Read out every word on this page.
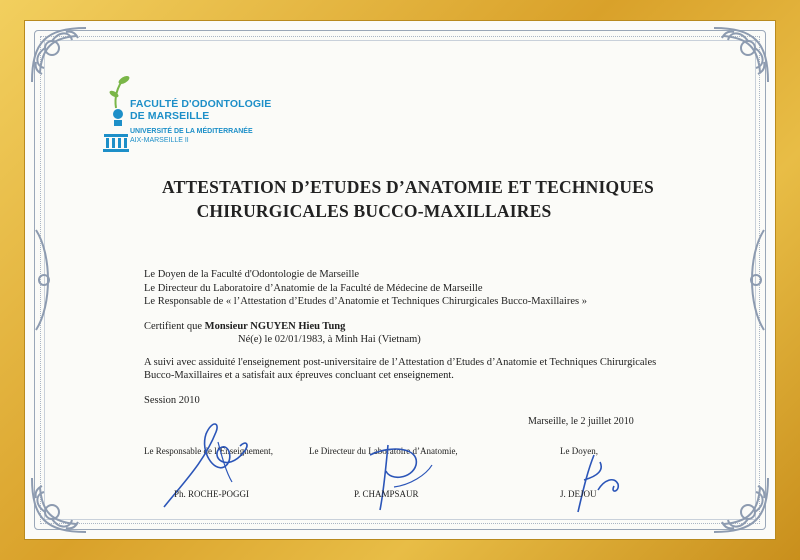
FACULTÉ D'ODONTOLOGIE
DE MARSEILLE
UNIVERSITÉ DE LA MÉDITERRANÉE
AIX-MARSEILLE II
ATTESTATION D’ETUDES D’ANATOMIE ET TECHNIQUES
CHIRURGICALES BUCCO-MAXILLAIRES
Le Doyen de la Faculté d'Odontologie de Marseille
Le Directeur du Laboratoire d’Anatomie de la Faculté de Médecine de Marseille
Le Responsable de « l’Attestation d’Etudes d’Anatomie et Techniques Chirurgicales Bucco-Maxillaires »
Certifient que Monsieur NGUYEN Hieu Tung
Né(e) le 02/01/1983, à Minh Hai (Vietnam)
A suivi avec assiduité l'enseignement post-universitaire de l’Attestation d’Etudes d’Anatomie et Techniques Chirurgicales
Bucco-Maxillaires et a satisfait aux épreuves concluant cet enseignement.
Session 2010
Marseille, le 2 juillet 2010
Le Responsable de l’Enseignement,	Le Directeur du Laboratoire d’Anatomie,	Le Doyen,
Ph. ROCHE-POGGI	P. CHAMPSAUR	J. DEJOU
